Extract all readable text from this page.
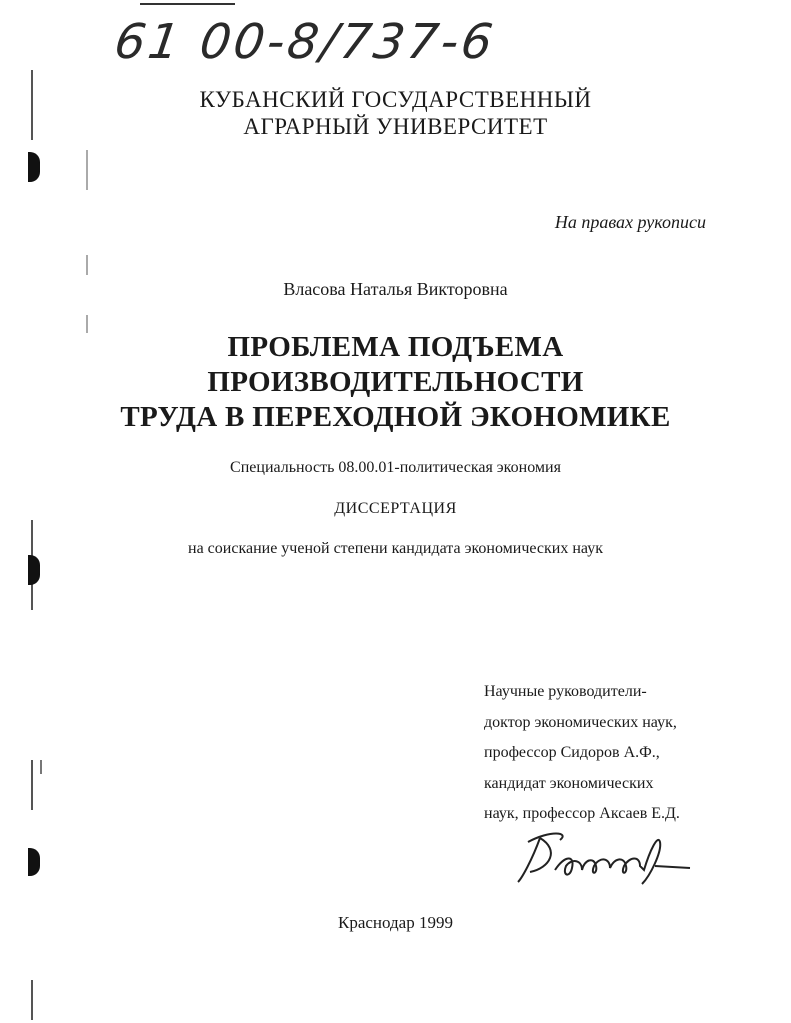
61 00-8/737-6
КУБАНСКИЙ ГОСУДАРСТВЕННЫЙ
АГРАРНЫЙ УНИВЕРСИТЕТ
На правах рукописи
Власова Наталья Викторовна
ПРОБЛЕМА ПОДЪЕМА
ПРОИЗВОДИТЕЛЬНОСТИ
ТРУДА В ПЕРЕХОДНОЙ ЭКОНОМИКЕ
Специальность 08.00.01-политическая экономия
ДИССЕРТАЦИЯ
на соискание ученой степени кандидата экономических наук
Научные руководители-
доктор экономических наук,
профессор Сидоров А.Ф.,
кандидат экономических
наук, профессор Аксаев Е.Д.
Краснодар 1999
